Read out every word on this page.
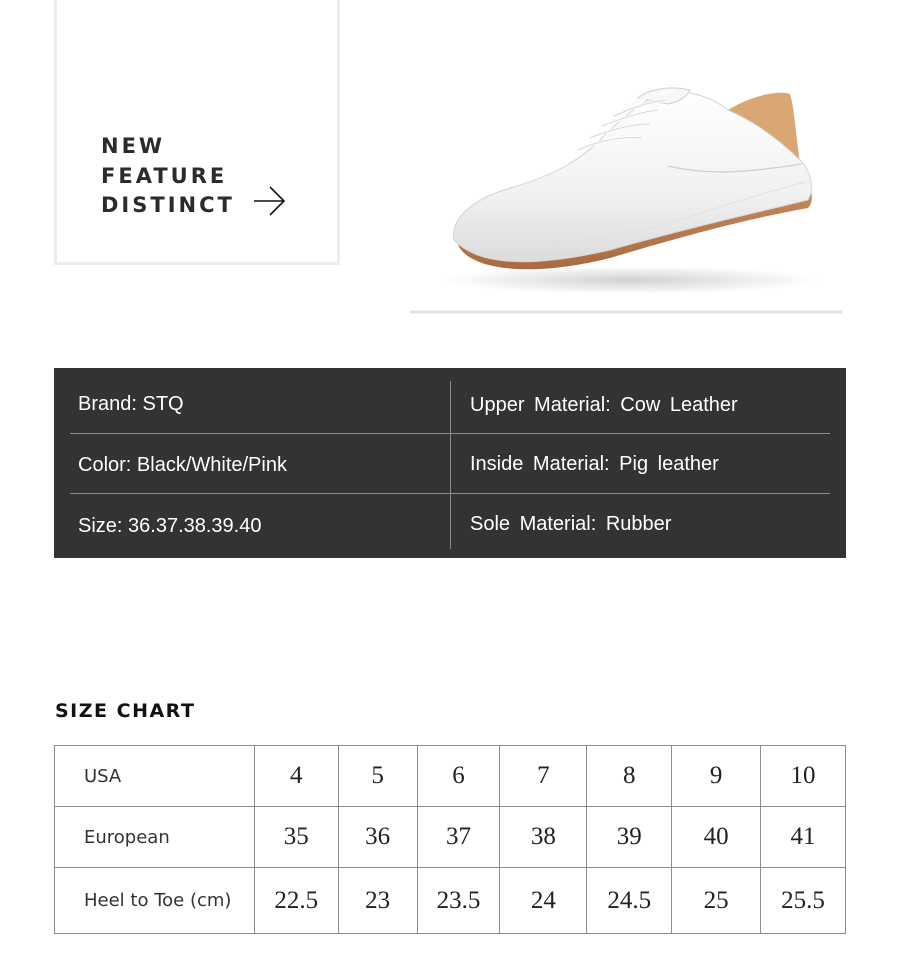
NEW
FEATURE
DISTINCT
Brand: STQ	Upper Material: Cow Leather
Color: Black/White/Pink	Inside Material: Pig leather
Size: 36.37.38.39.40	Sole Material: Rubber
SIZE CHART
USA	4	5	6	7	8	9	10
European	35	36	37	38	39	40	41
Heel to Toe (cm)	22.5	23	23.5	24	24.5	25	25.5
